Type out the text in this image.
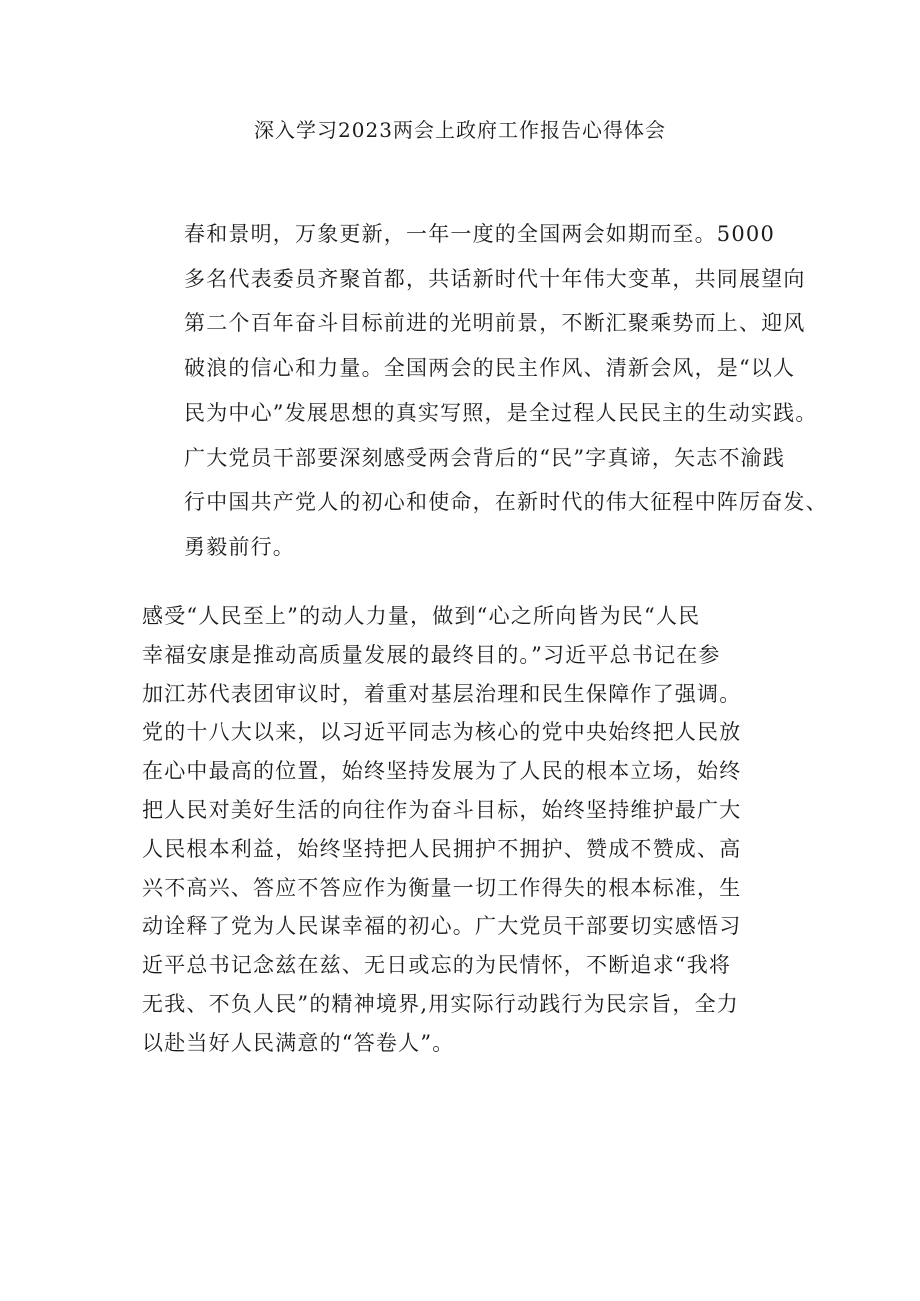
深入学习2023两会上政府工作报告心得体会
春和景明，万象更新，一年一度的全国两会如期而至。5000
多名代表委员齐聚首都，共话新时代十年伟大变革，共同展望向
第二个百年奋斗目标前进的光明前景，不断汇聚乘势而上、迎风
破浪的信心和力量。全国两会的民主作风、清新会风，是“以人
民为中心”发展思想的真实写照，是全过程人民民主的生动实践。
广大党员干部要深刻感受两会背后的“民”字真谛，矢志不渝践
行中国共产党人的初心和使命，在新时代的伟大征程中阵厉奋发、
勇毅前行。
感受“人民至上”的动人力量，做到“心之所向皆为民“人民
幸福安康是推动高质量发展的最终目的。”习近平总书记在参
加江苏代表团审议时，着重对基层治理和民生保障作了强调。
党的十八大以来，以习近平同志为核心的党中央始终把人民放
在心中最高的位置，始终坚持发展为了人民的根本立场，始终
把人民对美好生活的向往作为奋斗目标，始终坚持维护最广大
人民根本利益，始终坚持把人民拥护不拥护、赞成不赞成、高
兴不高兴、答应不答应作为衡量一切工作得失的根本标准，生
动诠释了党为人民谋幸福的初心。广大党员干部要切实感悟习
近平总书记念兹在兹、无日或忘的为民情怀，不断追求“我将
无我、不负人民”的精神境界,用实际行动践行为民宗旨，全力
以赴当好人民满意的“答卷人”。
